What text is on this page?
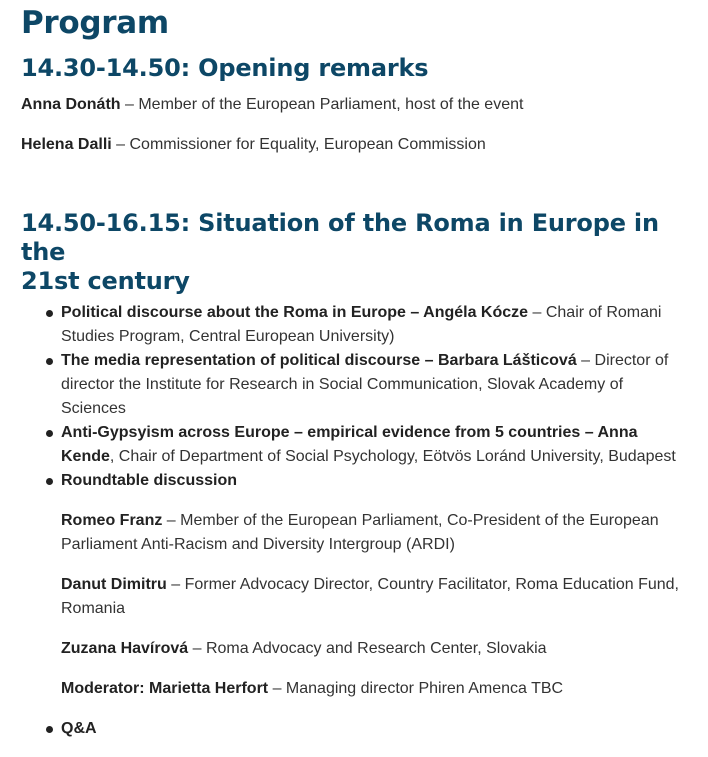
Program
14.30-14.50: Opening remarks

Anna Donáth – Member of the European Parliament, host of the event

Helena Dalli – Commissioner for Equality, European Commission

14.50-16.15: Situation of the Roma in Europe in the
21st century
Political discourse about the Roma in Europe – Angéla Kócze – Chair of Romani Studies Program, Central European University)
The media representation of political discourse – Barbara Lášticová – Director of director the Institute for Research in Social Communication, Slovak Academy of Sciences
Anti-Gypsyism across Europe – empirical evidence from 5 countries – Anna Kende, Chair of Department of Social Psychology, Eötvös Loránd University, Budapest
Roundtable discussion
Romeo Franz – Member of the European Parliament, Co-President of the European Parliament Anti-Racism and Diversity Intergroup (ARDI)
Danut Dimitru – Former Advocacy Director, Country Facilitator, Roma Education Fund, Romania
Zuzana Havírová – Roma Advocacy and Research Center, Slovakia
Moderator: Marietta Herfort – Managing director Phiren Amenca TBC
Q&A
